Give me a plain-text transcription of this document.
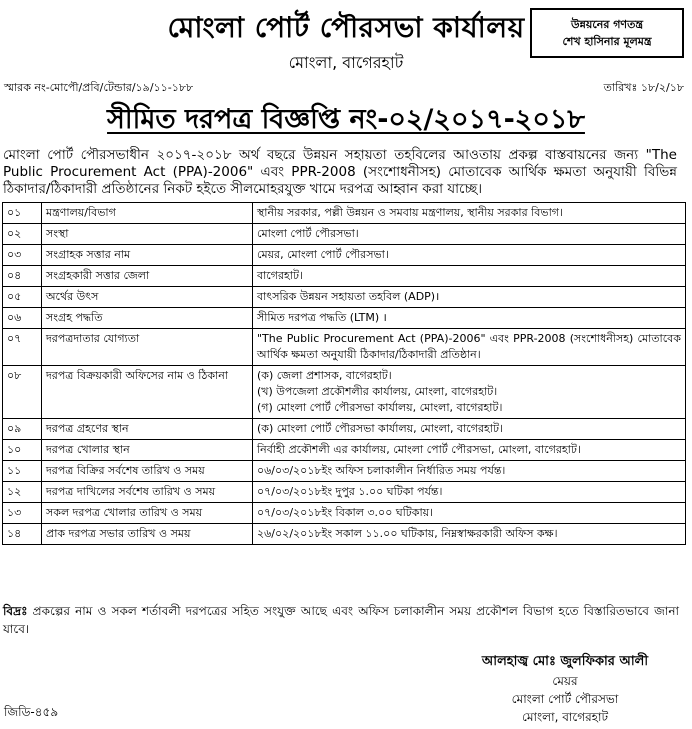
মোংলা পোর্ট পৌরসভা কার্যালয়	উন্নয়নের গণতন্ত্র
শেখ হাসিনার মূলমন্ত্র
মোংলা, বাগেরহাট
স্মারক নং-মোপৌ/প্রবি/টেন্ডার/১৯/১১-১৮৮	তারিখঃ ১৮/২/১৮
সীমিত দরপত্র বিজ্ঞপ্তি নং-০২/২০১৭-২০১৮
মোংলা পোর্ট পৌরসভাধীন ২০১৭-২০১৮ অর্থ বছরে উন্নয়ন সহায়তা তহবিলের আওতায় প্রকল্প বাস্তবায়নের জন্য "The Public Procurement Act (PPA)-2006" এবং PPR-2008 (সংশোধনীসহ) মোতাবেক আর্থিক ক্ষমতা অনুযায়ী বিভিন্ন ঠিকাদার/ঠিকাদারী প্রতিষ্ঠানের নিকট হইতে সীলমোহরযুক্ত খামে দরপত্র আহ্বান করা যাচ্ছে।
০১	মন্ত্রণালয়/বিভাগ	স্থানীয় সরকার, পল্লী উন্নয়ন ও সমবায় মন্ত্রণালয়, স্থানীয় সরকার বিভাগ।

০২	সংস্থা	মোংলা পোর্ট পৌরসভা।

০৩	সংগ্রাহক সত্তার নাম	মেয়র, মোংলা পোর্ট পৌরসভা।

০৪	সংগ্রহকারী সত্তার জেলা	বাগেরহাট।

০৫	অর্থের উৎস	বাৎসরিক উন্নয়ন সহায়তা তহবিল (ADP)।

০৬	সংগ্রহ পদ্ধতি	সীমিত দরপত্র পদ্ধতি (LTM) ।

০৭	দরপত্রদাতার যোগ্যতা	"The Public Procurement Act (PPA)-2006" এবং PPR-2008 (সংশোধনীসহ) মোতাবেক আর্থিক ক্ষমতা অনুযায়ী ঠিকাদার/ঠিকাদারী প্রতিষ্ঠান।

০৮	দরপত্র বিক্রয়কারী অফিসের নাম ও ঠিকানা	(ক) জেলা প্রশাসক, বাগেরহাট।
(খ) উপজেলা প্রকৌশলীর কার্যালয়, মোংলা, বাগেরহাট।
(গ) মোংলা পোর্ট পৌরসভা কার্যালয়, মোংলা, বাগেরহাট।

০৯	দরপত্র গ্রহণের স্থান	(ক) মোংলা পোর্ট পৌরসভা কার্যালয়, মোংলা, বাগেরহাট।

১০	দরপত্র খোলার স্থান	নির্বাহী প্রকৌশলী এর কার্যালয়, মোংলা পোর্ট পৌরসভা, মোংলা, বাগেরহাট।

১১	দরপত্র বিক্রির সর্বশেষ তারিখ ও সময়	০৬/০৩/২০১৮ইং অফিস চলাকালীন নির্ধারিত সময় পর্যন্ত।

১২	দরপত্র দাখিলের সর্বশেষ তারিখ ও সময়	০৭/০৩/২০১৮ইং দুপুর ১.০০ ঘটিকা পর্যন্ত।

১৩	সকল দরপত্র খোলার তারিখ ও সময়	০৭/০৩/২০১৮ইং বিকাল ৩.০০ ঘটিকায়।

১৪	প্রাক দরপত্র সভার তারিখ ও সময়	২৬/০২/২০১৮ইং সকাল ১১.০০ ঘটিকায়, নিম্নস্বাক্ষরকারী অফিস কক্ষ।
বিদ্রঃ প্রকল্পের নাম ও সকল শর্তাবলী দরপত্রের সহিত সংযুক্ত আছে এবং অফিস চলাকালীন সময় প্রকৌশল বিভাগ হতে বিস্তারিতভাবে জানা যাবে।
আলহাজ্ব মোঃ জুলফিকার আলী
মেয়র
মোংলা পোর্ট পৌরসভা
মোংলা, বাগেরহাট
জিডি-৪৫৯
